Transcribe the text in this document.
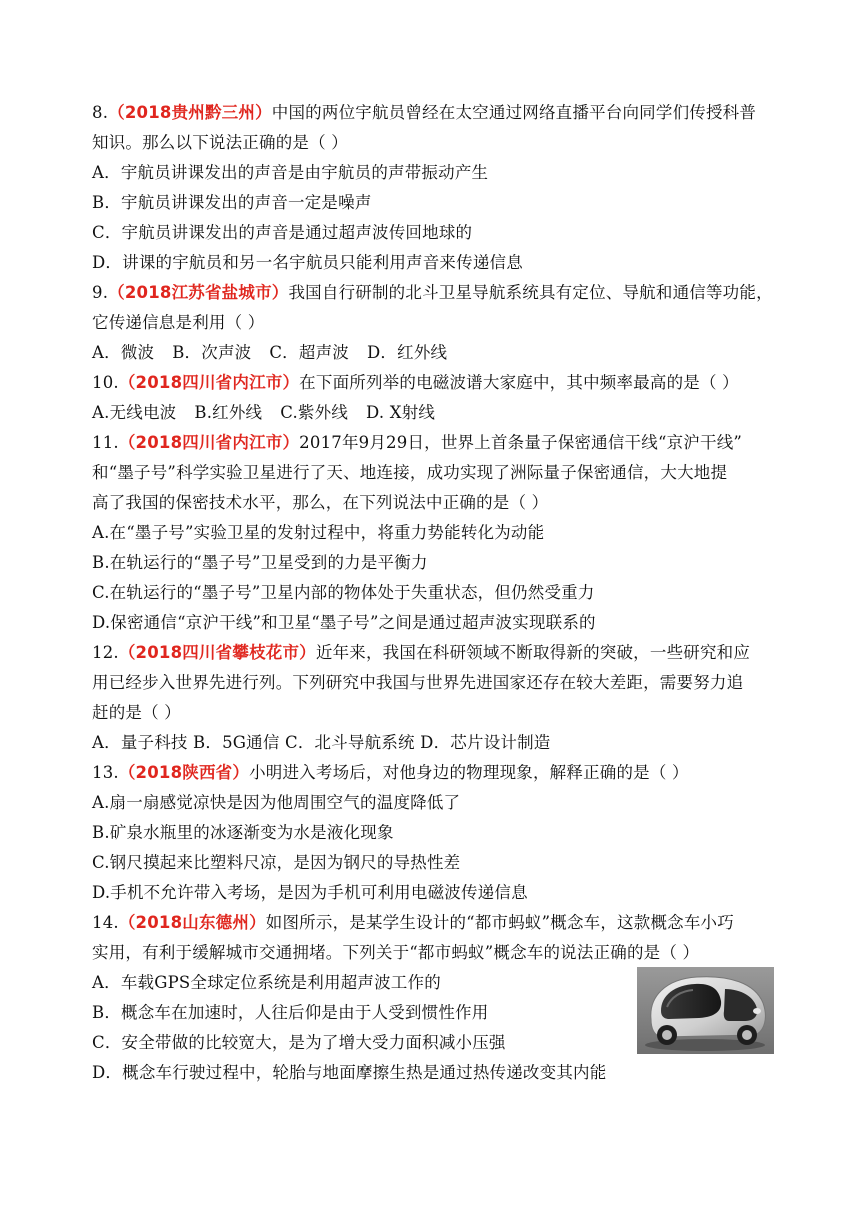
8.（2018贵州黔三州）中国的两位宇航员曾经在太空通过网络直播平台向同学们传授科普
知识。那么以下说法正确的是（ ）
A．宇航员讲课发出的声音是由宇航员的声带振动产生
B．宇航员讲课发出的声音一定是噪声
C．宇航员讲课发出的声音是通过超声波传回地球的
D．讲课的宇航员和另一名宇航员只能利用声音来传递信息
9.（2018江苏省盐城市）我国自行研制的北斗卫星导航系统具有定位、导航和通信等功能，
它传递信息是利用（ ）
A．微波 B．次声波 C．超声波 D．红外线
10.（2018四川省内江市）在下面所列举的电磁波谱大家庭中，其中频率最高的是（ ）
A.无线电波 B.红外线 C.紫外线 D. X射线
11.（2018四川省内江市）2017年9月29日，世界上首条量子保密通信干线“京沪干线”
和“墨子号”科学实验卫星进行了天、地连接，成功实现了洲际量子保密通信，大大地提
高了我国的保密技术水平，那么，在下列说法中正确的是（ ）
A.在“墨子号”实验卫星的发射过程中，将重力势能转化为动能
B.在轨运行的“墨子号”卫星受到的力是平衡力
C.在轨运行的“墨子号”卫星内部的物体处于失重状态，但仍然受重力
D.保密通信“京沪干线”和卫星“墨子号”之间是通过超声波实现联系的
12.（2018四川省攀枝花市）近年来，我国在科研领域不断取得新的突破，一些研究和应
用已经步入世界先进行列。下列研究中我国与世界先进国家还存在较大差距，需要努力追
赶的是（ ）
A．量子科技 B．5G通信 C．北斗导航系统 D．芯片设计制造
13.（2018陕西省）小明进入考场后，对他身边的物理现象，解释正确的是（ ）
A.扇一扇感觉凉快是因为他周围空气的温度降低了
B.矿泉水瓶里的冰逐渐变为水是液化现象
C.钢尺摸起来比塑料尺凉，是因为钢尺的导热性差
D.手机不允许带入考场，是因为手机可利用电磁波传递信息
14.（2018山东德州）如图所示，是某学生设计的“都市蚂蚁”概念车，这款概念车小巧
实用，有利于缓解城市交通拥堵。下列关于“都市蚂蚁”概念车的说法正确的是（ ）
A．车载GPS全球定位系统是利用超声波工作的
B．概念车在加速时，人往后仰是由于人受到惯性作用
C．安全带做的比较宽大，是为了增大受力面积减小压强
D．概念车行驶过程中，轮胎与地面摩擦生热是通过热传递改变其内能
